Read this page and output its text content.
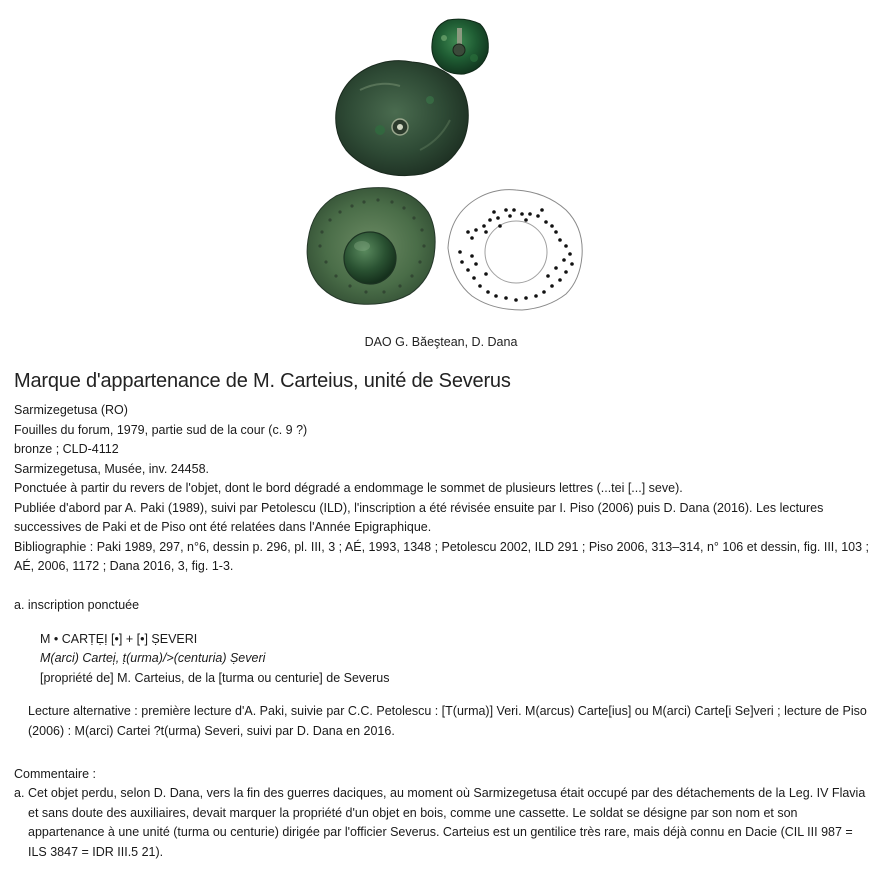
DAO G. Băeştean, D. Dana
Marque d'appartenance de M. Carteius, unité de Severus

Sarmizegetusa (RO)

Fouilles du forum, 1979, partie sud de la cour (c. 9 ?)

bronze ; CLD-4112

Sarmizegetusa, Musée, inv. 24458.

Ponctuée à partir du revers de l'objet, dont le bord dégradé a endommage le sommet de plusieurs lettres (...tei [...] seve).

Publiée d'abord par A. Paki (1989), suivi par Petolescu (ILD), l'inscription a été révisée ensuite par I. Piso (2006) puis D. Dana (2016). Les lectures successives de Paki et de Piso ont été relatées dans l'Année Epigraphique.

Bibliographie : Paki 1989, 297, n°6, dessin p. 296, pl. III, 3 ; AÉ, 1993, 1348 ; Petolescu 2002, ILD 291 ; Piso 2006, 313–314, n° 106 et dessin, fig. III, 103 ; AÉ, 2006, 1172 ; Dana 2016, 3, fig. 1-3.

a. inscription ponctuée

M • CARṬẸỊ [•] + [•] ṢEVERI

M(arci) Cartei̩, ṭ(urma)/>(centuria) Ṣeveri

[propriété de] M. Carteius, de la [turma ou centurie] de Severus

Lecture alternative : première lecture d'A. Paki, suivie par C.C. Petolescu : [T(urma)] Veri. M(arcus) Carte[ius] ou M(arci) Carte[i Se]veri ; lecture de Piso (2006) : M(arci) Cartei ?t(urma) Severi, suivi par D. Dana en 2016.

Commentaire :

a. Cet objet perdu, selon D. Dana, vers la fin des guerres daciques, au moment où Sarmizegetusa était occupé par des détachements de la Leg. IV Flavia et sans doute des auxiliaires, devait marquer la propriété d'un objet en bois, comme une cassette. Le soldat se désigne par son nom et son appartenance à une unité (turma ou centurie) dirigée par l'officier Severus. Carteius est un gentilice très rare, mais déjà connu en Dacie (CIL III 987 = ILS 3847 = IDR III.5 21).
